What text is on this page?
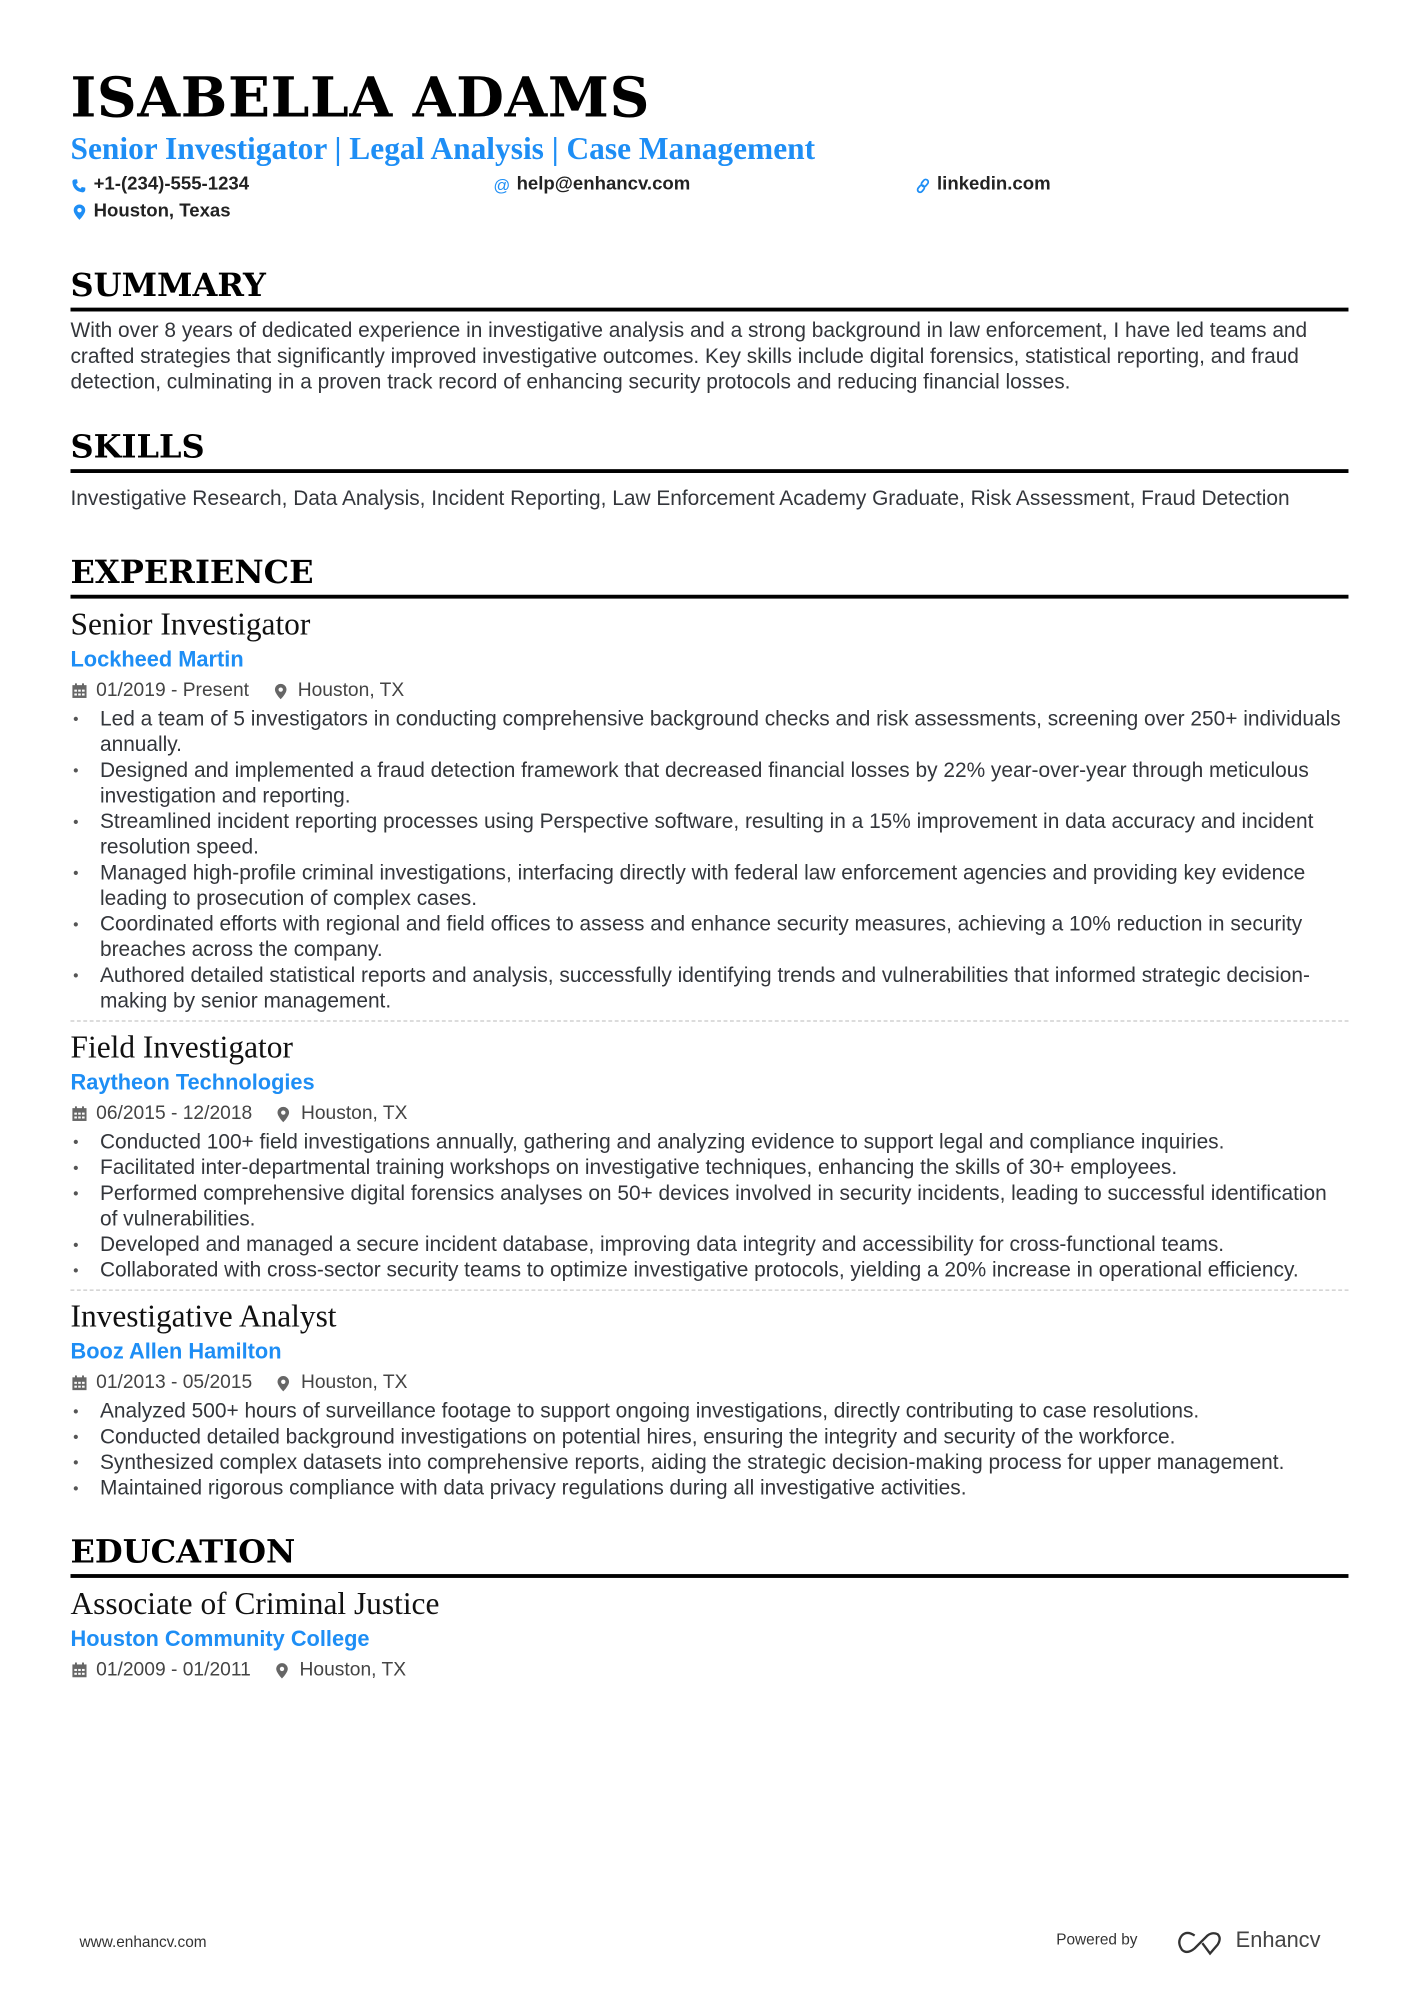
ISABELLA ADAMS
Senior Investigator | Legal Analysis | Case Management
+1-(234)-555-1234	@ help@enhancv.com	linkedin.com
Houston, Texas
SUMMARY
With over 8 years of dedicated experience in investigative analysis and a strong background in law enforcement, I have led teams and crafted strategies that significantly improved investigative outcomes. Key skills include digital forensics, statistical reporting, and fraud detection, culminating in a proven track record of enhancing security protocols and reducing financial losses.
SKILLS
Investigative Research, Data Analysis, Incident Reporting, Law Enforcement Academy Graduate, Risk Assessment, Fraud Detection
EXPERIENCE
Senior Investigator
Lockheed Martin
01/2019 - Present	Houston, TX
• Led a team of 5 investigators in conducting comprehensive background checks and risk assessments, screening over 250+ individuals annually.
• Designed and implemented a fraud detection framework that decreased financial losses by 22% year-over-year through meticulous investigation and reporting.
• Streamlined incident reporting processes using Perspective software, resulting in a 15% improvement in data accuracy and incident resolution speed.
• Managed high-profile criminal investigations, interfacing directly with federal law enforcement agencies and providing key evidence leading to prosecution of complex cases.
• Coordinated efforts with regional and field offices to assess and enhance security measures, achieving a 10% reduction in security breaches across the company.
• Authored detailed statistical reports and analysis, successfully identifying trends and vulnerabilities that informed strategic decision-making by senior management.
Field Investigator
Raytheon Technologies
06/2015 - 12/2018	Houston, TX
• Conducted 100+ field investigations annually, gathering and analyzing evidence to support legal and compliance inquiries.
• Facilitated inter-departmental training workshops on investigative techniques, enhancing the skills of 30+ employees.
• Performed comprehensive digital forensics analyses on 50+ devices involved in security incidents, leading to successful identification of vulnerabilities.
• Developed and managed a secure incident database, improving data integrity and accessibility for cross-functional teams.
• Collaborated with cross-sector security teams to optimize investigative protocols, yielding a 20% increase in operational efficiency.
Investigative Analyst
Booz Allen Hamilton
01/2013 - 05/2015	Houston, TX
• Analyzed 500+ hours of surveillance footage to support ongoing investigations, directly contributing to case resolutions.
• Conducted detailed background investigations on potential hires, ensuring the integrity and security of the workforce.
• Synthesized complex datasets into comprehensive reports, aiding the strategic decision-making process for upper management.
• Maintained rigorous compliance with data privacy regulations during all investigative activities.
EDUCATION
Associate of Criminal Justice
Houston Community College
01/2009 - 01/2011	Houston, TX
www.enhancv.com	Powered by	Enhancv
